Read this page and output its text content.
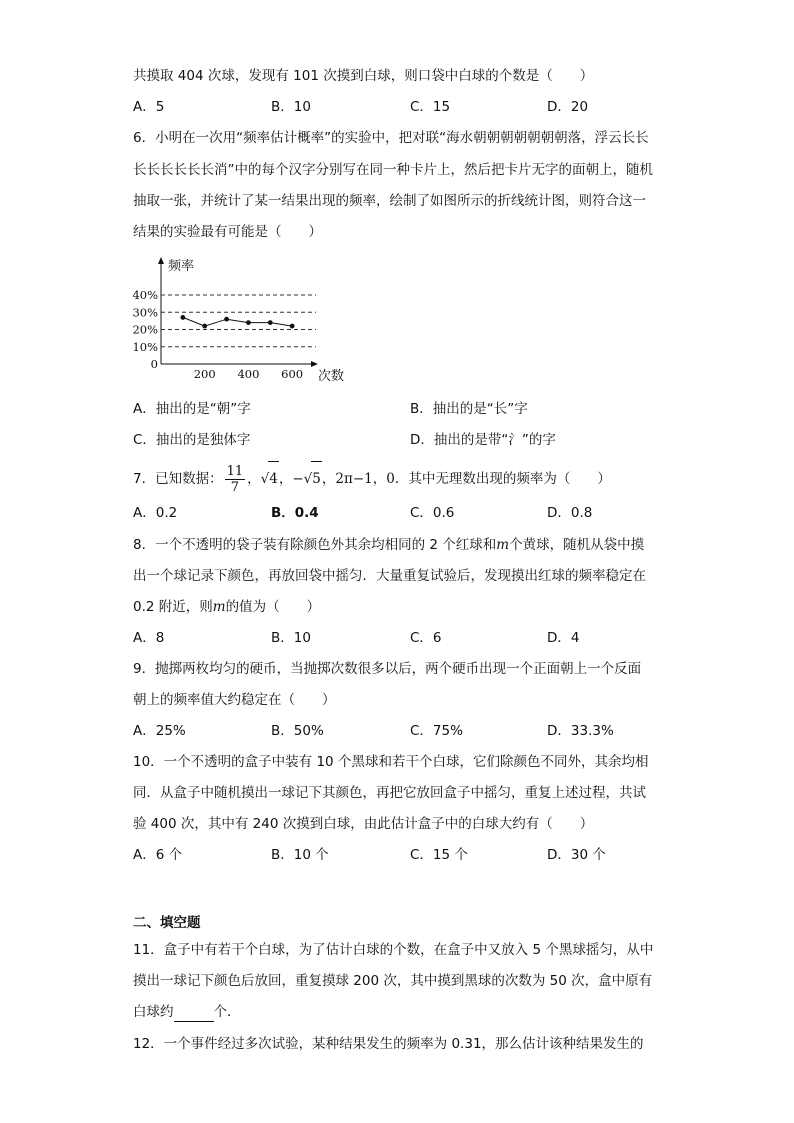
共摸取 404 次球，发现有 101 次摸到白球，则口袋中白球的个数是（　　）
A．5	B．10	C．15	D．20
6．小明在一次用“频率估计概率”的实验中，把对联“海水朝朝朝朝朝朝朝落，浮云长长
长长长长长长消”中的每个汉字分别写在同一种卡片上，然后把卡片无字的面朝上，随机
抽取一张，并统计了某一结果出现的频率，绘制了如图所示的折线统计图，则符合这一
结果的实验最有可能是（　　）
频率
次数
0
10%
20%
30%
40%
200 400 600
A．抽出的是“朝”字	B．抽出的是“长”字
C．抽出的是独体字	D．抽出的是带“氵”的字
7．已知数据： $\frac{11}{7}$ ，√4，−√5，2π−1，0．其中无理数出现的频率为（　　）
A．0.2	B．0.4	C．0.6	D．0.8
8．一个不透明的袋子装有除颜色外其余均相同的 2 个红球和m个黄球，随机从袋中摸
出一个球记录下颜色，再放回袋中摇匀．大量重复试验后，发现摸出红球的频率稳定在
0.2 附近，则m的值为（　　）
A．8	B．10	C．6	D．4
9．抛掷两枚均匀的硬币，当抛掷次数很多以后，两个硬币出现一个正面朝上一个反面
朝上的频率值大约稳定在（　　）
A．25%	B．50%	C．75%	D．33.3%
10．一个不透明的盒子中装有 10 个黑球和若干个白球，它们除颜色不同外，其余均相
同．从盒子中随机摸出一球记下其颜色，再把它放回盒子中摇匀，重复上述过程，共试
验 400 次，其中有 240 次摸到白球，由此估计盒子中的白球大约有（　　）
A．6 个	B．10 个	C．15 个	D．30 个
二、填空题
11．盒子中有若干个白球，为了估计白球的个数，在盒子中又放入 5 个黑球摇匀，从中
摸出一球记下颜色后放回，重复摸球 200 次，其中摸到黑球的次数为 50 次，盒中原有
白球约	个．
12．一个事件经过多次试验，某种结果发生的频率为 0.31，那么估计该种结果发生的
